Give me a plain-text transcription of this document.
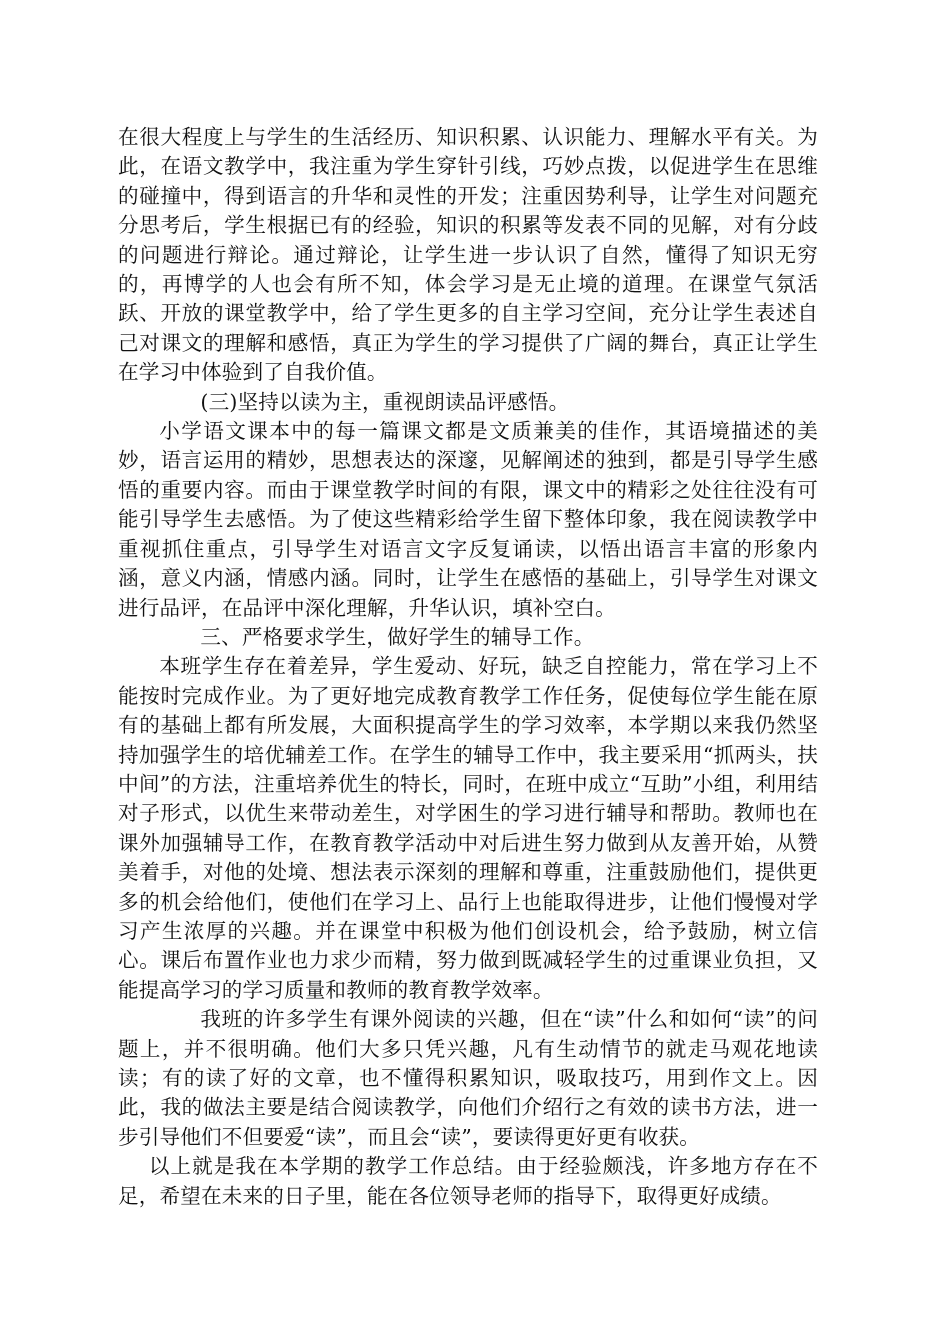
在很大程度上与学生的生活经历、知识积累、认识能力、理解水平有关。为此，在语文教学中，我注重为学生穿针引线，巧妙点拨，以促进学生在思维的碰撞中，得到语言的升华和灵性的开发；注重因势利导，让学生对问题充分思考后，学生根据已有的经验，知识的积累等发表不同的见解，对有分歧的问题进行辩论。通过辩论，让学生进一步认识了自然，懂得了知识无穷的，再博学的人也会有所不知，体会学习是无止境的道理。在课堂气氛活跃、开放的课堂教学中，给了学生更多的自主学习空间，充分让学生表述自己对课文的理解和感悟，真正为学生的学习提供了广阔的舞台，真正让学生在学习中体验到了自我价值。

(三)坚持以读为主，重视朗读品评感悟。

小学语文课本中的每一篇课文都是文质兼美的佳作，其语境描述的美妙，语言运用的精妙，思想表达的深邃，见解阐述的独到，都是引导学生感悟的重要内容。而由于课堂教学时间的有限，课文中的精彩之处往往没有可能引导学生去感悟。为了使这些精彩给学生留下整体印象，我在阅读教学中重视抓住重点，引导学生对语言文字反复诵读，以悟出语言丰富的形象内涵，意义内涵，情感内涵。同时，让学生在感悟的基础上，引导学生对课文进行品评，在品评中深化理解，升华认识，填补空白。

三、严格要求学生，做好学生的辅导工作。

本班学生存在着差异，学生爱动、好玩，缺乏自控能力，常在学习上不能按时完成作业。为了更好地完成教育教学工作任务，促使每位学生能在原有的基础上都有所发展，大面积提高学生的学习效率，本学期以来我仍然坚持加强学生的培优辅差工作。在学生的辅导工作中，我主要采用“抓两头，扶中间”的方法，注重培养优生的特长，同时，在班中成立“互助”小组，利用结对子形式，以优生来带动差生，对学困生的学习进行辅导和帮助。教师也在课外加强辅导工作，在教育教学活动中对后进生努力做到从友善开始，从赞美着手，对他的处境、想法表示深刻的理解和尊重，注重鼓励他们，提供更多的机会给他们，使他们在学习上、品行上也能取得进步，让他们慢慢对学习产生浓厚的兴趣。并在课堂中积极为他们创设机会，给予鼓励，树立信心。课后布置作业也力求少而精，努力做到既减轻学生的过重课业负担，又能提高学习的学习质量和教师的教育教学效率。

我班的许多学生有课外阅读的兴趣，但在“读”什么和如何“读”的问题上，并不很明确。他们大多只凭兴趣，凡有生动情节的就走马观花地读读；有的读了好的文章，也不懂得积累知识，吸取技巧，用到作文上。因此，我的做法主要是结合阅读教学，向他们介绍行之有效的读书方法，进一步引导他们不但要爱“读”，而且会“读”，要读得更好更有收获。

以上就是我在本学期的教学工作总结。由于经验颇浅，许多地方存在不足，希望在未来的日子里，能在各位领导老师的指导下，取得更好成绩。
